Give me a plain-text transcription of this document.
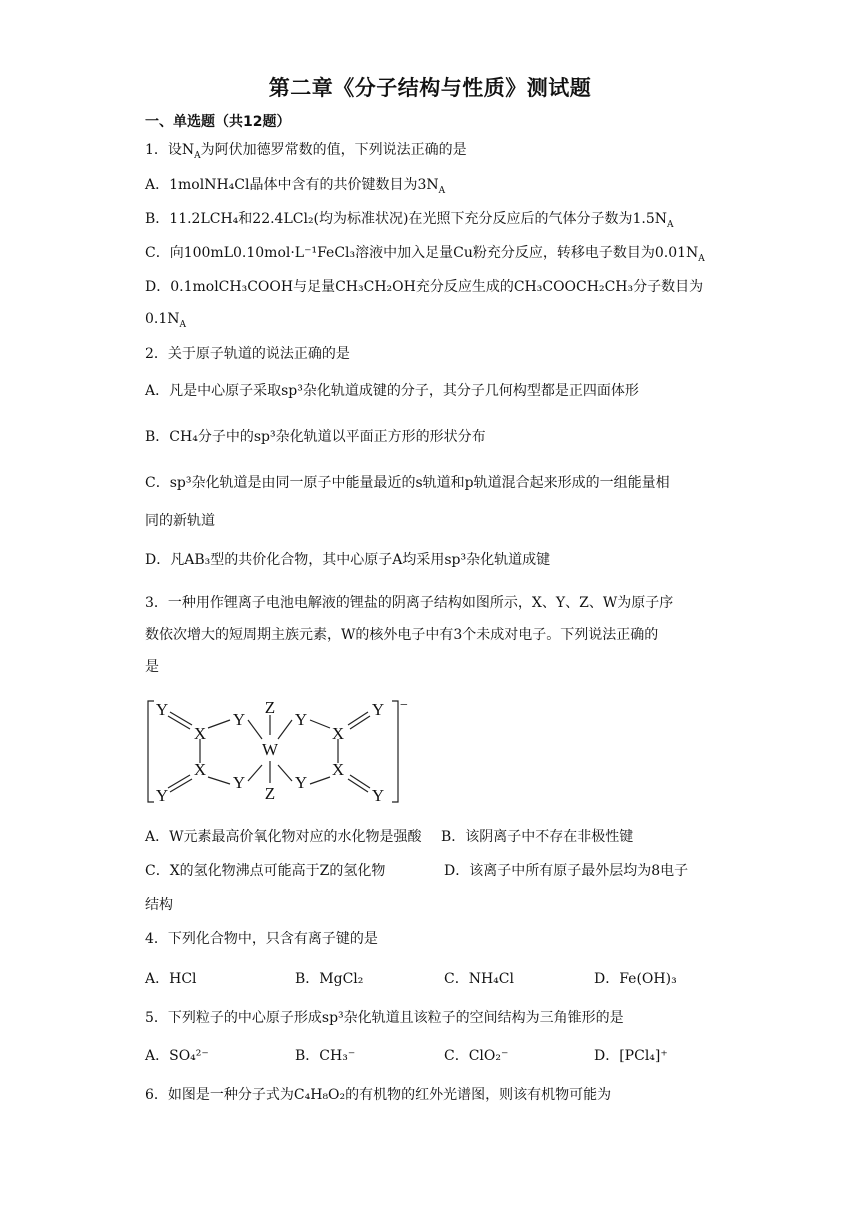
第二章《分子结构与性质》测试题
一、单选题（共12题）
1．设$N_A$为阿伏加德罗常数的值，下列说法正确的是
A．1molNH₄Cl晶体中含有的共价键数目为$3N_A$
B．11.2LCH₄和22.4LCl₂(均为标准状况)在光照下充分反应后的气体分子数为$1.5N_A$
C．向100mL0.10mol·L⁻¹FeCl₃溶液中加入足量Cu粉充分反应，转移电子数目为$0.01N_A$
D．0.1molCH₃COOH与足量CH₃CH₂OH充分反应生成的CH₃COOCH₂CH₃分子数目为
$0.1N_A$
2．关于原子轨道的说法正确的是
A．凡是中心原子采取sp³杂化轨道成键的分子，其分子几何构型都是正四面体形
B．CH₄分子中的sp³杂化轨道以平面正方形的形状分布
C．sp³杂化轨道是由同一原子中能量最近的s轨道和p轨道混合起来形成的一组能量相
同的新轨道
D．凡AB₃型的共价化合物，其中心原子A均采用sp³杂化轨道成键
3．一种用作锂离子电池电解液的锂盐的阴离子结构如图所示，X、Y、Z、W为原子序
数依次增大的短周期主族元素，W的核外电子中有3个未成对电子。下列说法正确的
是
Y
X
X
Y
Y
Y
Z
W
Z
Y
Y
X
X
Y
Y
−
A．W元素最高价氧化物对应的水化物是强酸 B．该阴离子中不存在非极性键
C．X的氢化物沸点可能高于Z的氢化物	D．该离子中所有原子最外层均为8电子
结构
4．下列化合物中，只含有离子键的是
A．HCl	B．MgCl₂	C．NH₄Cl	D．Fe(OH)₃
5．下列粒子的中心原子形成sp³杂化轨道且该粒子的空间结构为三角锥形的是
A．SO₄²⁻	B．CH₃⁻	C．ClO₂⁻	D．[PCl₄]⁺
6．如图是一种分子式为C₄H₈O₂的有机物的红外光谱图，则该有机物可能为
